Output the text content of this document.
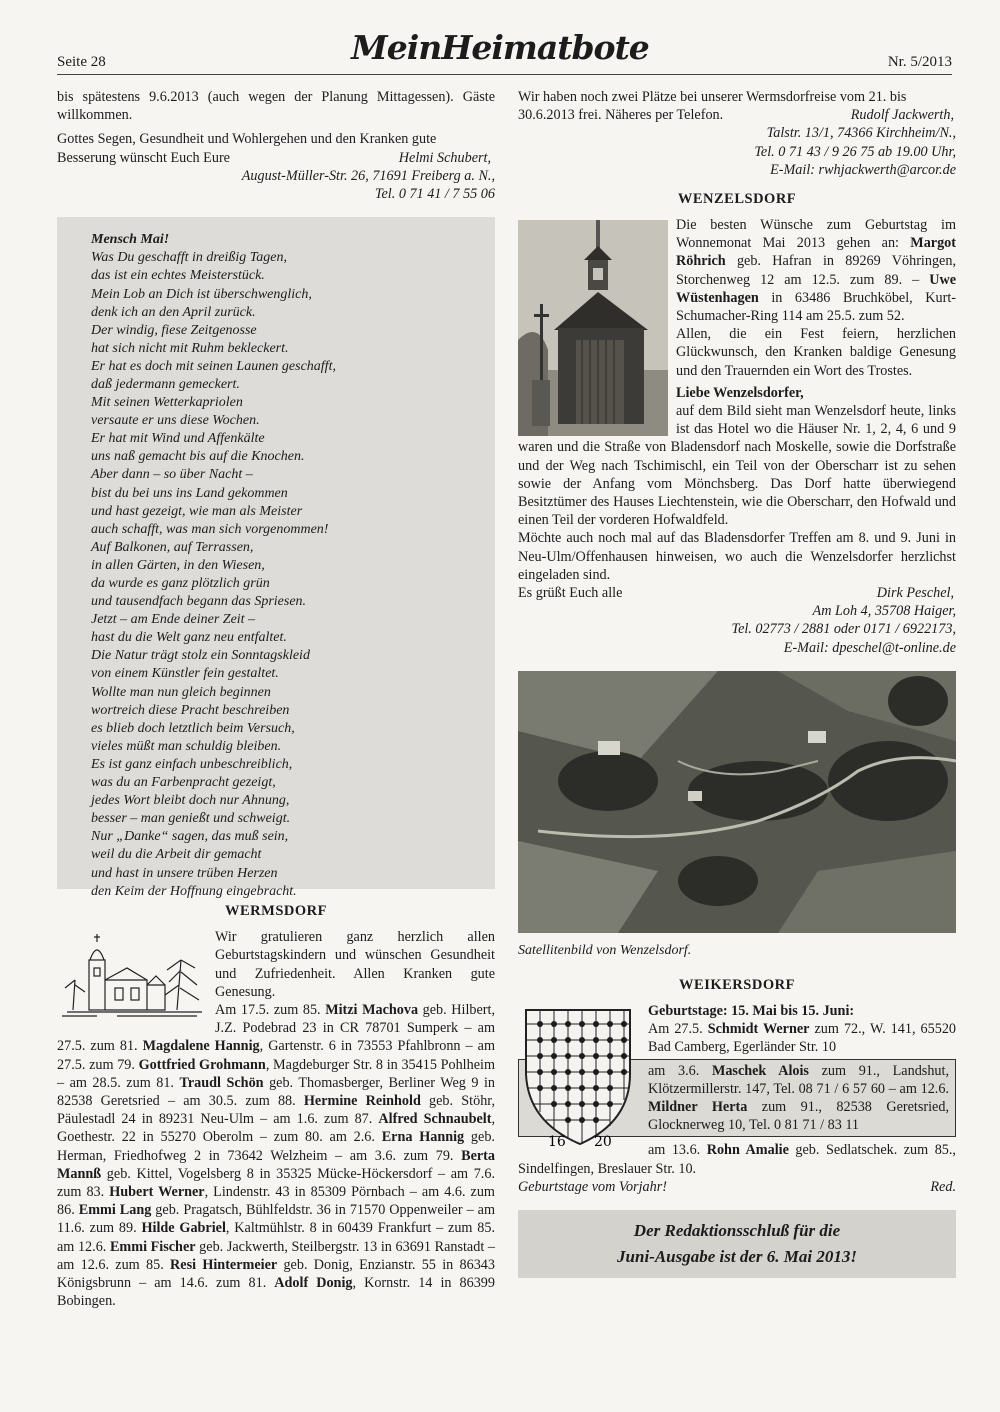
Seite 28	MeinHeimatbote	Nr. 5/2013

bis spätestens 9.6.2013 (auch wegen der Planung Mittagessen). Gäste willkommen.

Gottes Segen, Gesundheit und Wohlergehen und den Kranken gute

Besserung wünscht Euch Eure	Helmi Schubert,

August-Müller-Str. 26, 71691 Freiberg a. N.,

Tel. 0 71 41 / 7 55 06

Mensch Mai!
Was Du geschafft in dreißig Tagen,
das ist ein echtes Meisterstück.
Mein Lob an Dich ist überschwenglich,
denk ich an den April zurück.
Der windig, fiese Zeitgenosse
hat sich nicht mit Ruhm bekleckert.
Er hat es doch mit seinen Launen geschafft,
daß jedermann gemeckert.
Mit seinen Wetterkapriolen
versaute er uns diese Wochen.
Er hat mit Wind und Affenkälte
uns naß gemacht bis auf die Knochen.
Aber dann – so über Nacht –
bist du bei uns ins Land gekommen
und hast gezeigt, wie man als Meister
auch schafft, was man sich vorgenommen!
Auf Balkonen, auf Terrassen,
in allen Gärten, in den Wiesen,
da wurde es ganz plötzlich grün
und tausendfach begann das Spriesen.
Jetzt – am Ende deiner Zeit –
hast du die Welt ganz neu entfaltet.
Die Natur trägt stolz ein Sonntagskleid
von einem Künstler fein gestaltet.
Wollte man nun gleich beginnen
wortreich diese Pracht beschreiben
es blieb doch letztlich beim Versuch,
vieles müßt man schuldig bleiben.
Es ist ganz einfach unbeschreiblich,
was du an Farbenpracht gezeigt,
jedes Wort bleibt doch nur Ahnung,
besser – man genießt und schweigt.
Nur „Danke“ sagen, das muß sein,
weil du die Arbeit dir gemacht
und hast in unsere trüben Herzen
den Keim der Hoffnung eingebracht.
WERMSDORF

Wir gratulieren ganz herzlich allen Geburtstagskindern und wünschen Gesundheit und Zufriedenheit. Allen Kranken gute Genesung.

Am 17.5. zum 85. Mitzi Machova geb. Hilbert, J.Z. Podebrad 23 in CR 78701 Sumperk – am 27.5. zum 81. Magdalene Hannig, Gartenstr. 6 in 73553 Pfahlbronn – am 27.5. zum 79. Gottfried Grohmann, Magdeburger Str. 8 in 35415 Pohlheim – am 28.5. zum 81. Traudl Schön geb. Thomasberger, Berliner Weg 9 in 82538 Geretsried – am 30.5. zum 88. Hermine Reinhold geb. Stöhr, Päulestadl 24 in 89231 Neu-Ulm – am 1.6. zum 87. Alfred Schnaubelt, Goethestr. 22 in 55270 Oberolm – zum 80. am 2.6. Erna Hannig geb. Herman, Friedhofweg 2 in 73642 Welzheim – am 3.6. zum 79. Berta Mannß geb. Kittel, Vogelsberg 8 in 35325 Mücke-Höckersdorf – am 7.6. zum 83. Hubert Werner, Lindenstr. 43 in 85309 Pörnbach – am 4.6. zum 86. Emmi Lang geb. Pragatsch, Bühlfeldstr. 36 in 71570 Oppenweiler – am 11.6. zum 89. Hilde Gabriel, Kaltmühlstr. 8 in 60439 Frankfurt – zum 85. am 12.6. Emmi Fischer geb. Jackwerth, Steilbergstr. 13 in 63691 Ranstadt – am 12.6. zum 85. Resi Hintermeier geb. Donig, Enzianstr. 55 in 86343 Königsbrunn – am 14.6. zum 81. Adolf Donig, Kornstr. 14 in 86399 Bobingen.

Wir haben noch zwei Plätze bei unserer Wermsdorfreise vom 21. bis

30.6.2013 frei. Näheres per Telefon.	Rudolf Jackwerth,

Talstr. 13/1, 74366 Kirchheim/N.,

Tel. 0 71 43 / 9 26 75 ab 19.00 Uhr,

E-Mail: rwhjackwerth@arcor.de

WENZELSDORF

Die besten Wünsche zum Geburtstag im Wonnemonat Mai 2013 gehen an: Margot Röhrich geb. Hafran in 89269 Vöhringen, Storchenweg 12 am 12.5. zum 89. – Uwe Wüstenhagen in 63486 Bruchköbel, Kurt-Schumacher-Ring 114 am 25.5. zum 52.

Allen, die ein Fest feiern, herzlichen Glückwunsch, den Kranken baldige Genesung und den Trauernden ein Wort des Trostes.

Liebe Wenzelsdorfer,

auf dem Bild sieht man Wenzelsdorf heute, links ist das Hotel wo die Häuser Nr. 1, 2, 4, 6 und 9 waren und die Straße von Bladensdorf nach Moskelle, sowie die Dorfstraße und der Weg nach Tschimischl, ein Teil von der Oberscharr ist zu sehen sowie der Anfang vom Mönchsberg. Das Dorf hatte überwiegend Besitztümer des Hauses Liechtenstein, wie die Oberscharr, den Hofwald und einen Teil der vorderen Hofwaldfeld.

Möchte auch noch mal auf das Bladensdorfer Treffen am 8. und 9. Juni in Neu-Ulm/Offenhausen hinweisen, wo auch die Wenzelsdorfer herzlichst eingeladen sind.

Es grüßt Euch alle	Dirk Peschel,

Am Loh 4, 35708 Haiger,

Tel. 02773 / 2881 oder 0171 / 6922173,

E-Mail: dpeschel@t-online.de

Satellitenbild von Wenzelsdorf.

WEIKERSDORF
16 20

Geburtstage: 15. Mai bis 15. Juni:

Am 27.5. Schmidt Werner zum 72., W. 141, 65520 Bad Camberg, Egerländer Str. 10

am 3.6. Maschek Alois zum 91., Landshut, Klötzermillerstr. 147, Tel. 08 71 / 6 57 60 – am 12.6. Mildner Herta zum 91., 82538 Geretsried, Glocknerweg 10, Tel. 0 81 71 / 83 11

am 13.6. Rohn Amalie geb. Sedlatschek. zum 85., Sindelfingen, Breslauer Str. 10.

Geburtstage vom Vorjahr!	Red.
Der Redaktionsschluß für die
Juni-Ausgabe ist der 6. Mai 2013!
